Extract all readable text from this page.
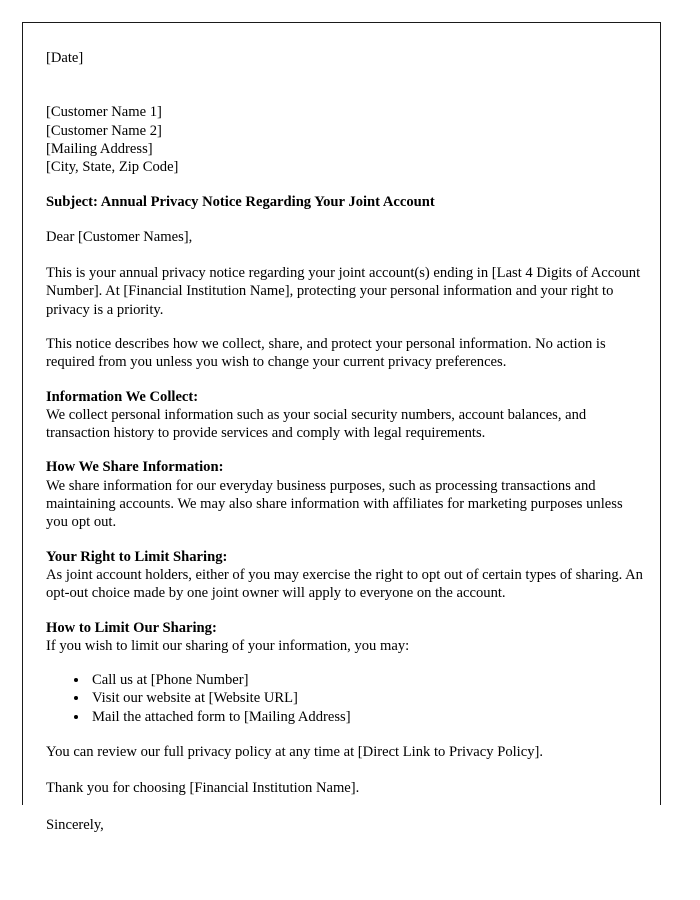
[Date]
[Customer Name 1]
[Customer Name 2]
[Mailing Address]
[City, State, Zip Code]
Subject: Annual Privacy Notice Regarding Your Joint Account
Dear [Customer Names],

This is your annual privacy notice regarding your joint account(s) ending in [Last 4 Digits of Account Number]. At [Financial Institution Name], protecting your personal information and your right to privacy is a priority.

This notice describes how we collect, share, and protect your personal information. No action is required from you unless you wish to change your current privacy preferences.

Information We Collect:
We collect personal information such as your social security numbers, account balances, and transaction history to provide services and comply with legal requirements.
How We Share Information:
We share information for our everyday business purposes, such as processing transactions and maintaining accounts. We may also share information with affiliates for marketing purposes unless you opt out.
Your Right to Limit Sharing:
As joint account holders, either of you may exercise the right to opt out of certain types of sharing. An opt-out choice made by one joint owner will apply to everyone on the account.
How to Limit Our Sharing:
If you wish to limit our sharing of your information, you may:
• Call us at [Phone Number]
• Visit our website at [Website URL]
• Mail the attached form to [Mailing Address]

You can review our full privacy policy at any time at [Direct Link to Privacy Policy].

Thank you for choosing [Financial Institution Name].

Sincerely,
